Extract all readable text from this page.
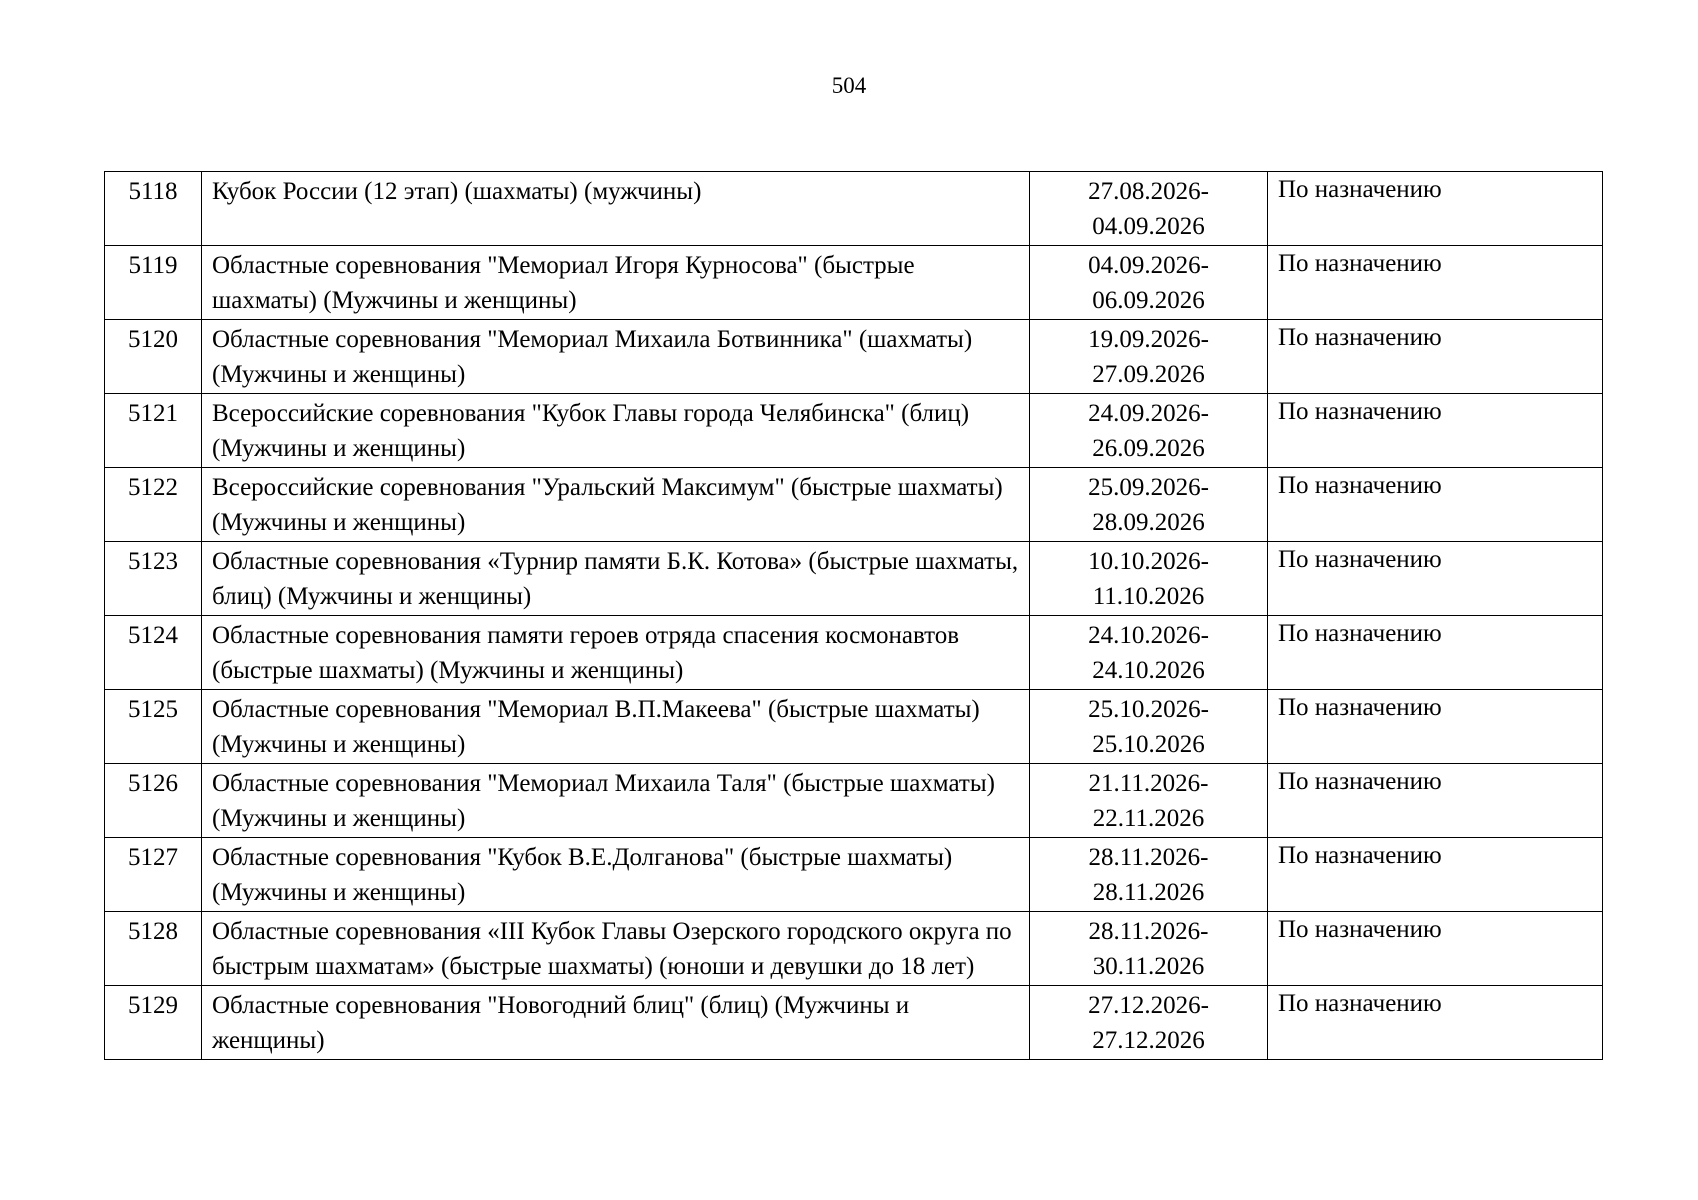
504
5118	Кубок России (12 этап) (шахматы) (мужчины)	27.08.2026-
04.09.2026	По назначению
5119	Областные соревнования "Мемориал Игоря Курносова" (быстрые шахматы) (Мужчины и женщины)	04.09.2026-
06.09.2026	По назначению
5120	Областные соревнования "Мемориал Михаила Ботвинника" (шахматы) (Мужчины и женщины)	19.09.2026-
27.09.2026	По назначению
5121	Всероссийские соревнования "Кубок Главы города Челябинска" (блиц) (Мужчины и женщины)	24.09.2026-
26.09.2026	По назначению
5122	Всероссийские соревнования "Уральский Максимум" (быстрые шахматы) (Мужчины и женщины)	25.09.2026-
28.09.2026	По назначению
5123	Областные соревнования «Турнир памяти Б.К. Котова» (быстрые шахматы, блиц) (Мужчины и женщины)	10.10.2026-
11.10.2026	По назначению
5124	Областные соревнования памяти героев отряда спасения космонавтов (быстрые шахматы) (Мужчины и женщины)	24.10.2026-
24.10.2026	По назначению
5125	Областные соревнования "Мемориал В.П.Макеева" (быстрые шахматы) (Мужчины и женщины)	25.10.2026-
25.10.2026	По назначению
5126	Областные соревнования "Мемориал Михаила Таля" (быстрые шахматы) (Мужчины и женщины)	21.11.2026-
22.11.2026	По назначению
5127	Областные соревнования "Кубок В.Е.Долганова" (быстрые шахматы) (Мужчины и женщины)	28.11.2026-
28.11.2026	По назначению
5128	Областные соревнования «III Кубок Главы Озерского городского округа по быстрым шахматам» (быстрые шахматы) (юноши и девушки до 18 лет)	28.11.2026-
30.11.2026	По назначению
5129	Областные соревнования "Новогодний блиц" (блиц) (Мужчины и женщины)	27.12.2026-
27.12.2026	По назначению
